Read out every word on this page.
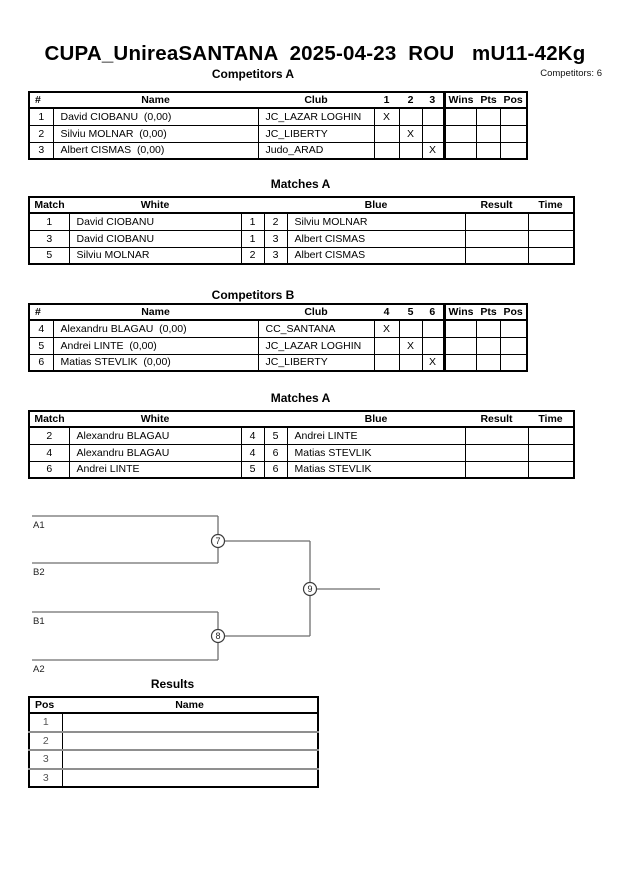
CUPA_UnireaSANTANA  2025-04-23  ROU   mU11-42Kg
Competitors A	Competitors: 6
#	Name	Club	1	2	3	Wins	Pts	Pos
1	David CIOBANU  (0,00)	JC_LAZAR LOGHIN	X					
2	Silviu MOLNAR  (0,00)	JC_LIBERTY		X				
3	Albert CISMAS  (0,00)	Judo_ARAD			X			
Matches A
Match	White			Blue	Result	Time
1	David CIOBANU	1	2	Silviu MOLNAR		
3	David CIOBANU	1	3	Albert CISMAS		
5	Silviu MOLNAR	2	3	Albert CISMAS		
Competitors B
#	Name	Club	4	5	6	Wins	Pts	Pos
4	Alexandru BLAGAU  (0,00)	CC_SANTANA	X					
5	Andrei LINTE  (0,00)	JC_LAZAR LOGHIN		X				
6	Matias STEVLIK  (0,00)	JC_LIBERTY			X			
Matches A
Match	White			Blue	Result	Time
2	Alexandru BLAGAU	4	5	Andrei LINTE		
4	Alexandru BLAGAU	4	6	Matias STEVLIK		
6	Andrei LINTE	5	6	Matias STEVLIK		
A1
B2
B1
A2
7
8
9
Results
Pos	Name
1	
2	
3	
3	
